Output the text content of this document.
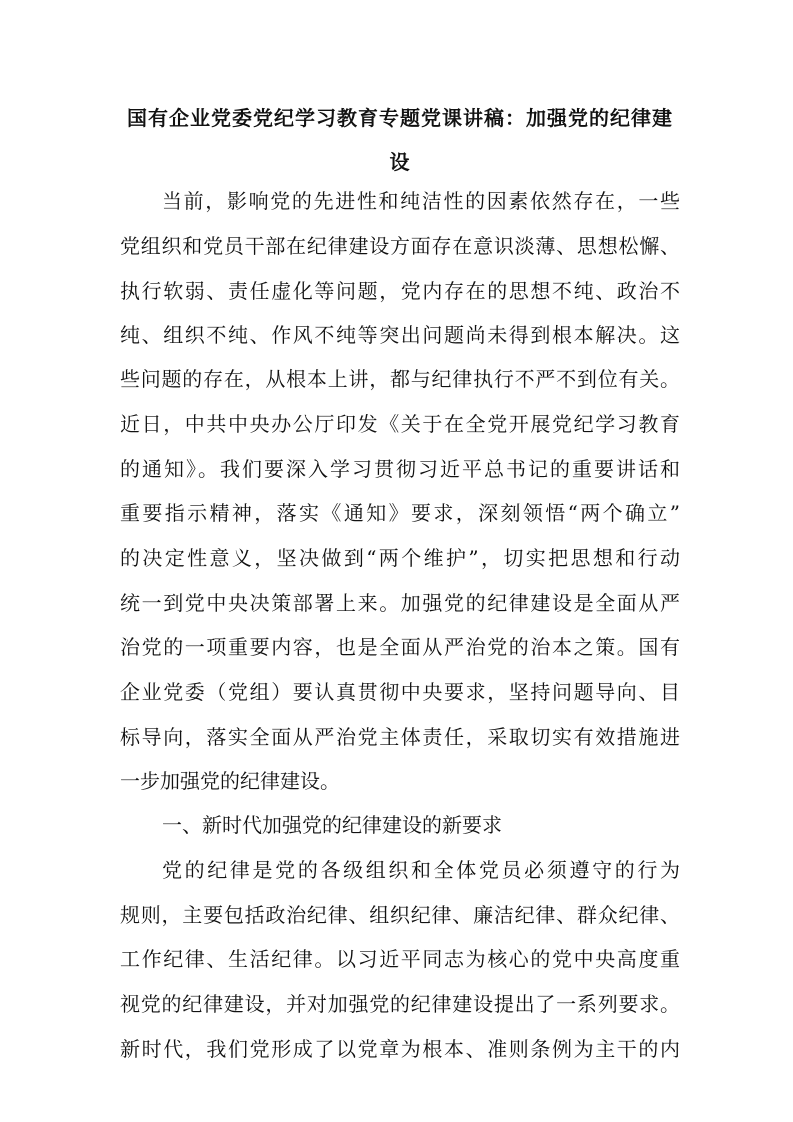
国有企业党委党纪学习教育专题党课讲稿：加强党的纪律建
设
当前，影响党的先进性和纯洁性的因素依然存在，一些
党组织和党员干部在纪律建设方面存在意识淡薄、思想松懈、
执行软弱、责任虚化等问题，党内存在的思想不纯、政治不
纯、组织不纯、作风不纯等突出问题尚未得到根本解决。这
些问题的存在，从根本上讲，都与纪律执行不严不到位有关。
近日，中共中央办公厅印发《关于在全党开展党纪学习教育
的通知》。我们要深入学习贯彻习近平总书记的重要讲话和
重要指示精神，落实《通知》要求，深刻领悟“两个确立”
的决定性意义，坚决做到“两个维护”，切实把思想和行动
统一到党中央决策部署上来。加强党的纪律建设是全面从严
治党的一项重要内容，也是全面从严治党的治本之策。国有
企业党委（党组）要认真贯彻中央要求，坚持问题导向、目
标导向，落实全面从严治党主体责任，采取切实有效措施进
一步加强党的纪律建设。
一、新时代加强党的纪律建设的新要求
党的纪律是党的各级组织和全体党员必须遵守的行为
规则，主要包括政治纪律、组织纪律、廉洁纪律、群众纪律、
工作纪律、生活纪律。以习近平同志为核心的党中央高度重
视党的纪律建设，并对加强党的纪律建设提出了一系列要求。
新时代，我们党形成了以党章为根本、准则条例为主干的内
